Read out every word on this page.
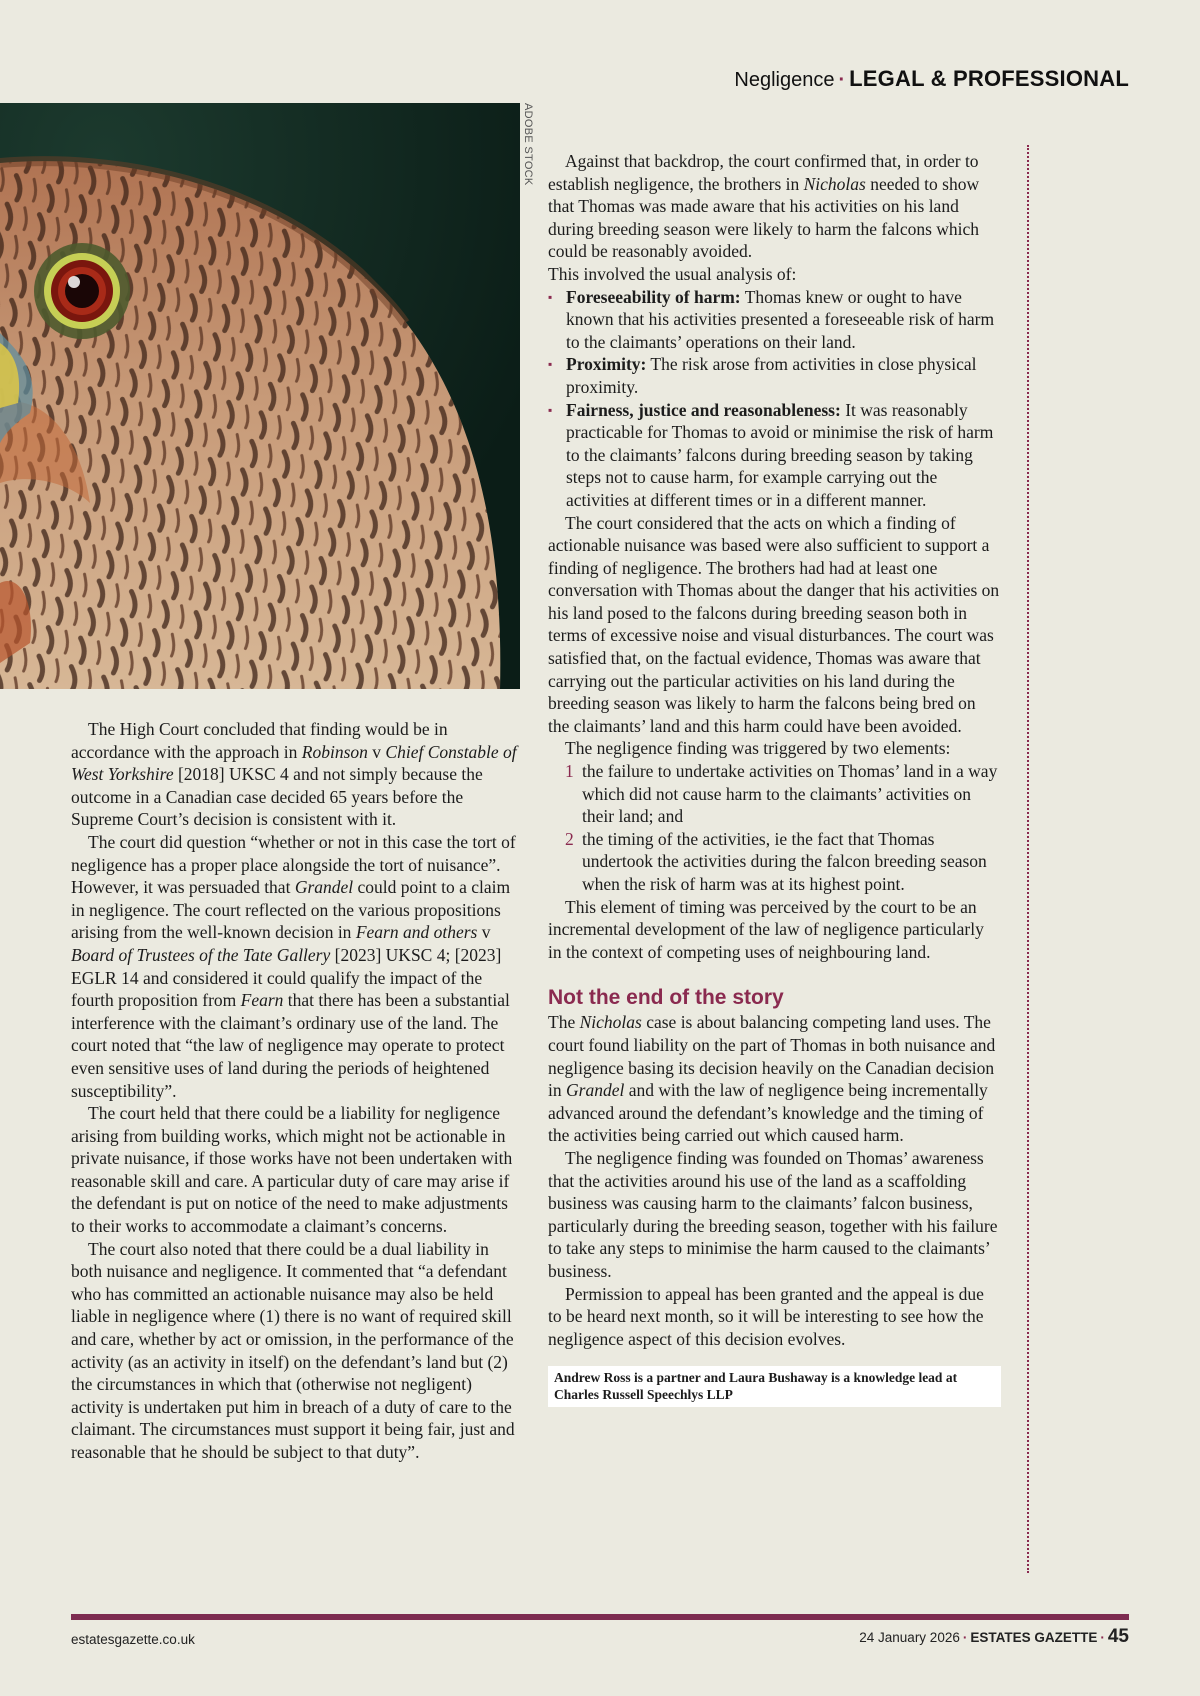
Negligence · LEGAL & PROFESSIONAL
ADOBE STOCK

The High Court concluded that finding would be in accordance with the approach in Robinson v Chief Constable of West Yorkshire [2018] UKSC 4 and not simply because the outcome in a Canadian case decided 65 years before the Supreme Court’s decision is consistent with it.

The court did question “whether or not in this case the tort of negligence has a proper place alongside the tort of nuisance”. However, it was persuaded that Grandel could point to a claim in negligence. The court reflected on the various propositions arising from the well-known decision in Fearn and others v Board of Trustees of the Tate Gallery [2023] UKSC 4; [2023] EGLR 14 and considered it could qualify the impact of the fourth proposition from Fearn that there has been a substantial interference with the claimant’s ordinary use of the land. The court noted that “the law of negligence may operate to protect even sensitive uses of land during the periods of heightened susceptibility”.

The court held that there could be a liability for negligence arising from building works, which might not be actionable in private nuisance, if those works have not been undertaken with reasonable skill and care. A particular duty of care may arise if the defendant is put on notice of the need to make adjustments to their works to accommodate a claimant’s concerns.

The court also noted that there could be a dual liability in both nuisance and negligence. It commented that “a defendant who has committed an actionable nuisance may also be held liable in negligence where (1) there is no want of required skill and care, whether by act or omission, in the performance of the activity (as an activity in itself) on the defendant’s land but (2) the circumstances in which that (otherwise not negligent) activity is undertaken put him in breach of a duty of care to the claimant. The circumstances must support it being fair, just and reasonable that he should be subject to that duty”.

Against that backdrop, the court confirmed that, in order to establish negligence, the brothers in Nicholas needed to show that Thomas was made aware that his activities on his land during breeding season were likely to harm the falcons which could be reasonably avoided.

This involved the usual analysis of:

▪ Foreseeability of harm: Thomas knew or ought to have known that his activities presented a foreseeable risk of harm to the claimants’ operations on their land.
▪ Proximity: The risk arose from activities in close physical proximity.
▪ Fairness, justice and reasonableness: It was reasonably practicable for Thomas to avoid or minimise the risk of harm to the claimants’ falcons during breeding season by taking steps not to cause harm, for example carrying out the activities at different times or in a different manner.

The court considered that the acts on which a finding of actionable nuisance was based were also sufficient to support a finding of negligence. The brothers had had at least one conversation with Thomas about the danger that his activities on his land posed to the falcons during breeding season both in terms of excessive noise and visual disturbances. The court was satisfied that, on the factual evidence, Thomas was aware that carrying out the particular activities on his land during the breeding season was likely to harm the falcons being bred on the claimants’ land and this harm could have been avoided.

The negligence finding was triggered by two elements:

1 the failure to undertake activities on Thomas’ land in a way which did not cause harm to the claimants’ activities on their land; and
2 the timing of the activities, ie the fact that Thomas undertook the activities during the falcon breeding season when the risk of harm was at its highest point.

This element of timing was perceived by the court to be an incremental development of the law of negligence particularly in the context of competing uses of neighbouring land.

Not the end of the story

The Nicholas case is about balancing competing land uses. The court found liability on the part of Thomas in both nuisance and negligence basing its decision heavily on the Canadian decision in Grandel and with the law of negligence being incrementally advanced around the defendant’s knowledge and the timing of the activities being carried out which caused harm.

The negligence finding was founded on Thomas’ awareness that the activities around his use of the land as a scaffolding business was causing harm to the claimants’ falcon business, particularly during the breeding season, together with his failure to take any steps to minimise the harm caused to the claimants’ business.

Permission to appeal has been granted and the appeal is due to be heard next month, so it will be interesting to see how the negligence aspect of this decision evolves.

Andrew Ross is a partner and Laura Bushaway is a knowledge lead at Charles Russell Speechlys LLP
estatesgazette.co.uk	24 January 2026 · ESTATES GAZETTE · 45
